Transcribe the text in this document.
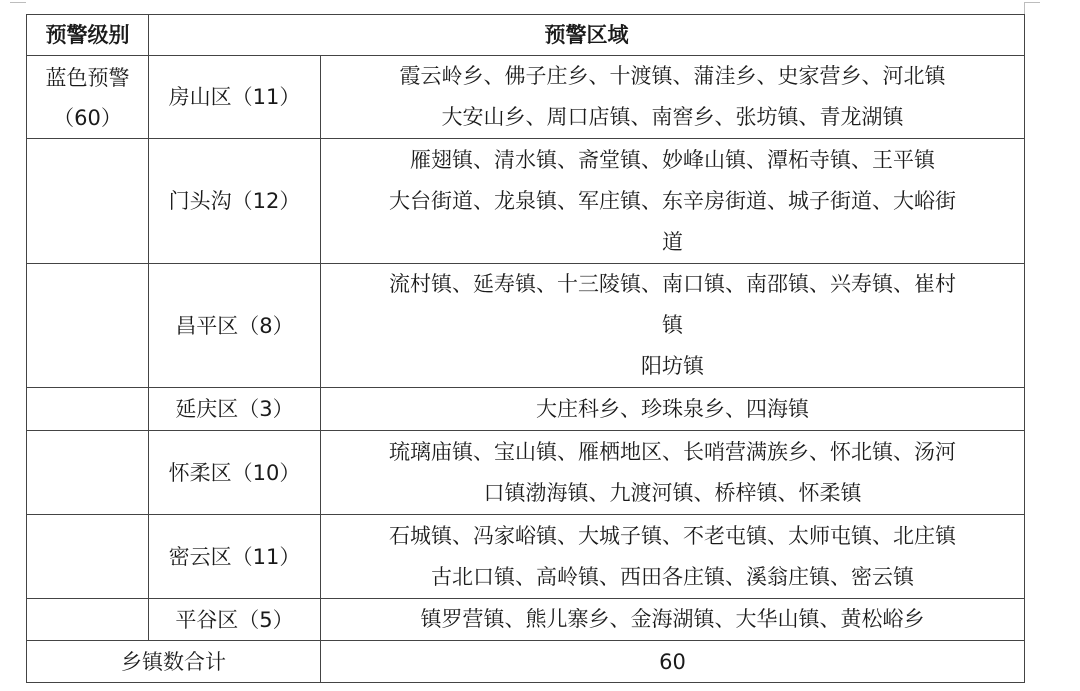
预警级别	预警区域	

蓝色预警
（60）	房山区（11）	霞云岭乡、佛子庄乡、十渡镇、蒲洼乡、史家营乡、河北镇
大安山乡、周口店镇、南窖乡、张坊镇、青龙湖镇

	门头沟（12）	雁翅镇、清水镇、斋堂镇、妙峰山镇、潭柘寺镇、王平镇
大台街道、龙泉镇、军庄镇、东辛房街道、城子街道、大峪街
道

	昌平区（8）	流村镇、延寿镇、十三陵镇、南口镇、南邵镇、兴寿镇、崔村
镇
阳坊镇

	延庆区（3）	大庄科乡、珍珠泉乡、四海镇

	怀柔区（10）	琉璃庙镇、宝山镇、雁栖地区、长哨营满族乡、怀北镇、汤河
口镇渤海镇、九渡河镇、桥梓镇、怀柔镇

	密云区（11）	石城镇、冯家峪镇、大城子镇、不老屯镇、太师屯镇、北庄镇
古北口镇、高岭镇、西田各庄镇、溪翁庄镇、密云镇

	平谷区（5）	镇罗营镇、熊儿寨乡、金海湖镇、大华山镇、黄松峪乡

乡镇数合计		60
